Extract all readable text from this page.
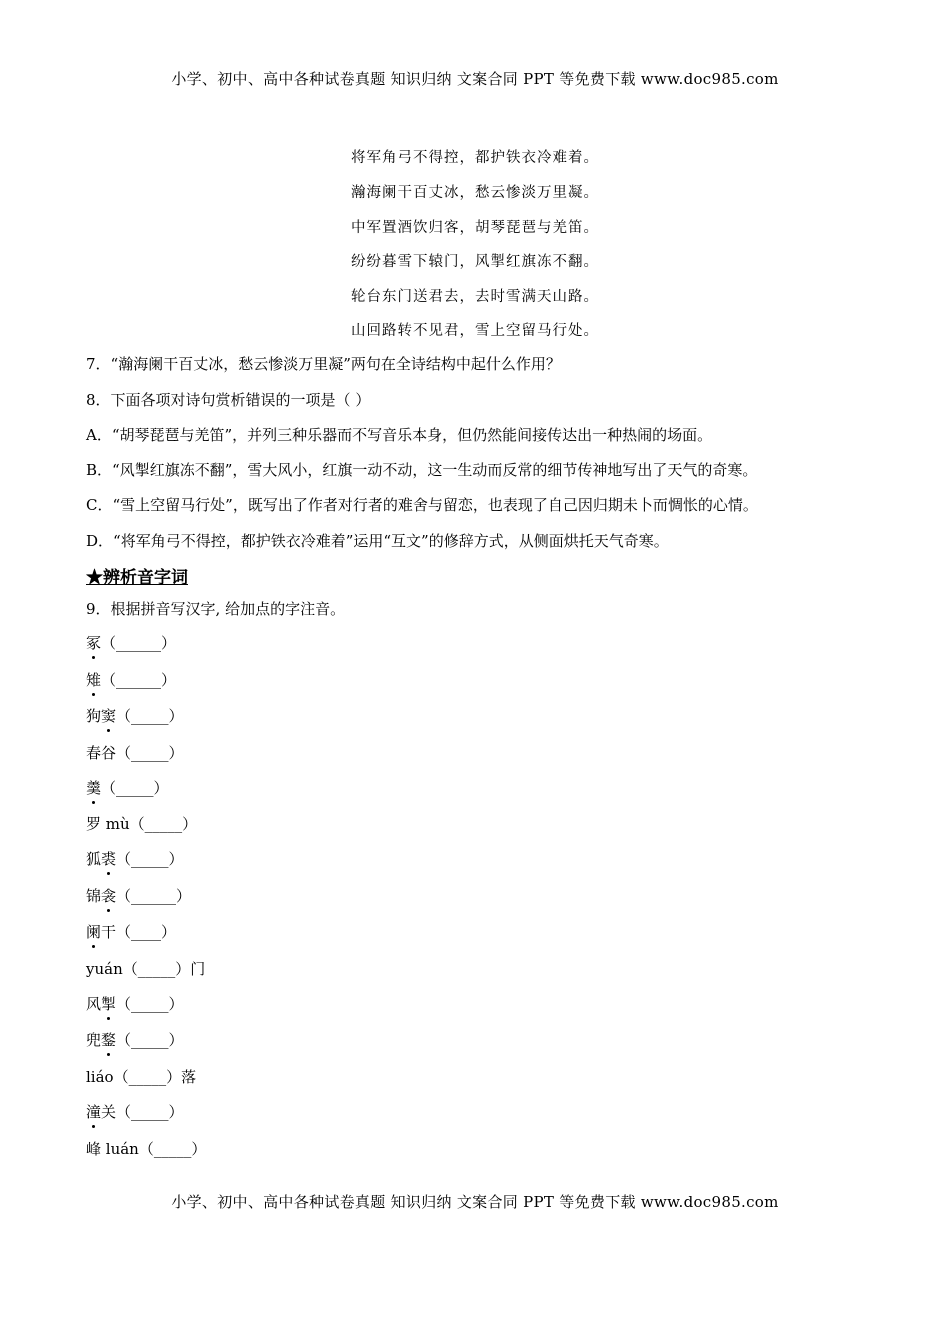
小学、初中、高中各种试卷真题 知识归纳 文案合同 PPT 等免费下载 www.doc985.com
将军角弓不得控，都护铁衣冷难着。
瀚海阑干百丈冰，愁云惨淡万里凝。
中军置酒饮归客，胡琴琵琶与羌笛。
纷纷暮雪下辕门，风掣红旗冻不翻。
轮台东门送君去，去时雪满天山路。
山回路转不见君，雪上空留马行处。
7．“瀚海阑干百丈冰，愁云惨淡万里凝”两句在全诗结构中起什么作用？
8．下面各项对诗句赏析错误的一项是（ ）
A．“胡琴琵琶与羌笛”，并列三种乐器而不写音乐本身，但仍然能间接传达出一种热闹的场面。
B．“风掣红旗冻不翻”，雪大风小，红旗一动不动，这一生动而反常的细节传神地写出了天气的奇寒。
C．“雪上空留马行处”，既写出了作者对行者的难舍与留恋，也表现了自己因归期未卜而惆怅的心情。
D．“将军角弓不得控，都护铁衣冷难着”运用“互文”的修辞方式，从侧面烘托天气奇寒。
★辨析音字词
9．根据拼音写汉字, 给加点的字注音。
冢（______）
雉（______）
狗窦（_____）
春谷（_____）
羹（_____）
罗 mù（_____）
狐裘（_____）
锦衾（______）
阑干（____）
yuán（_____）门
风掣（_____）
兜鍪（_____）
liáo（_____）落
潼关（_____）
峰 luán（_____）
小学、初中、高中各种试卷真题 知识归纳 文案合同 PPT 等免费下载 www.doc985.com
